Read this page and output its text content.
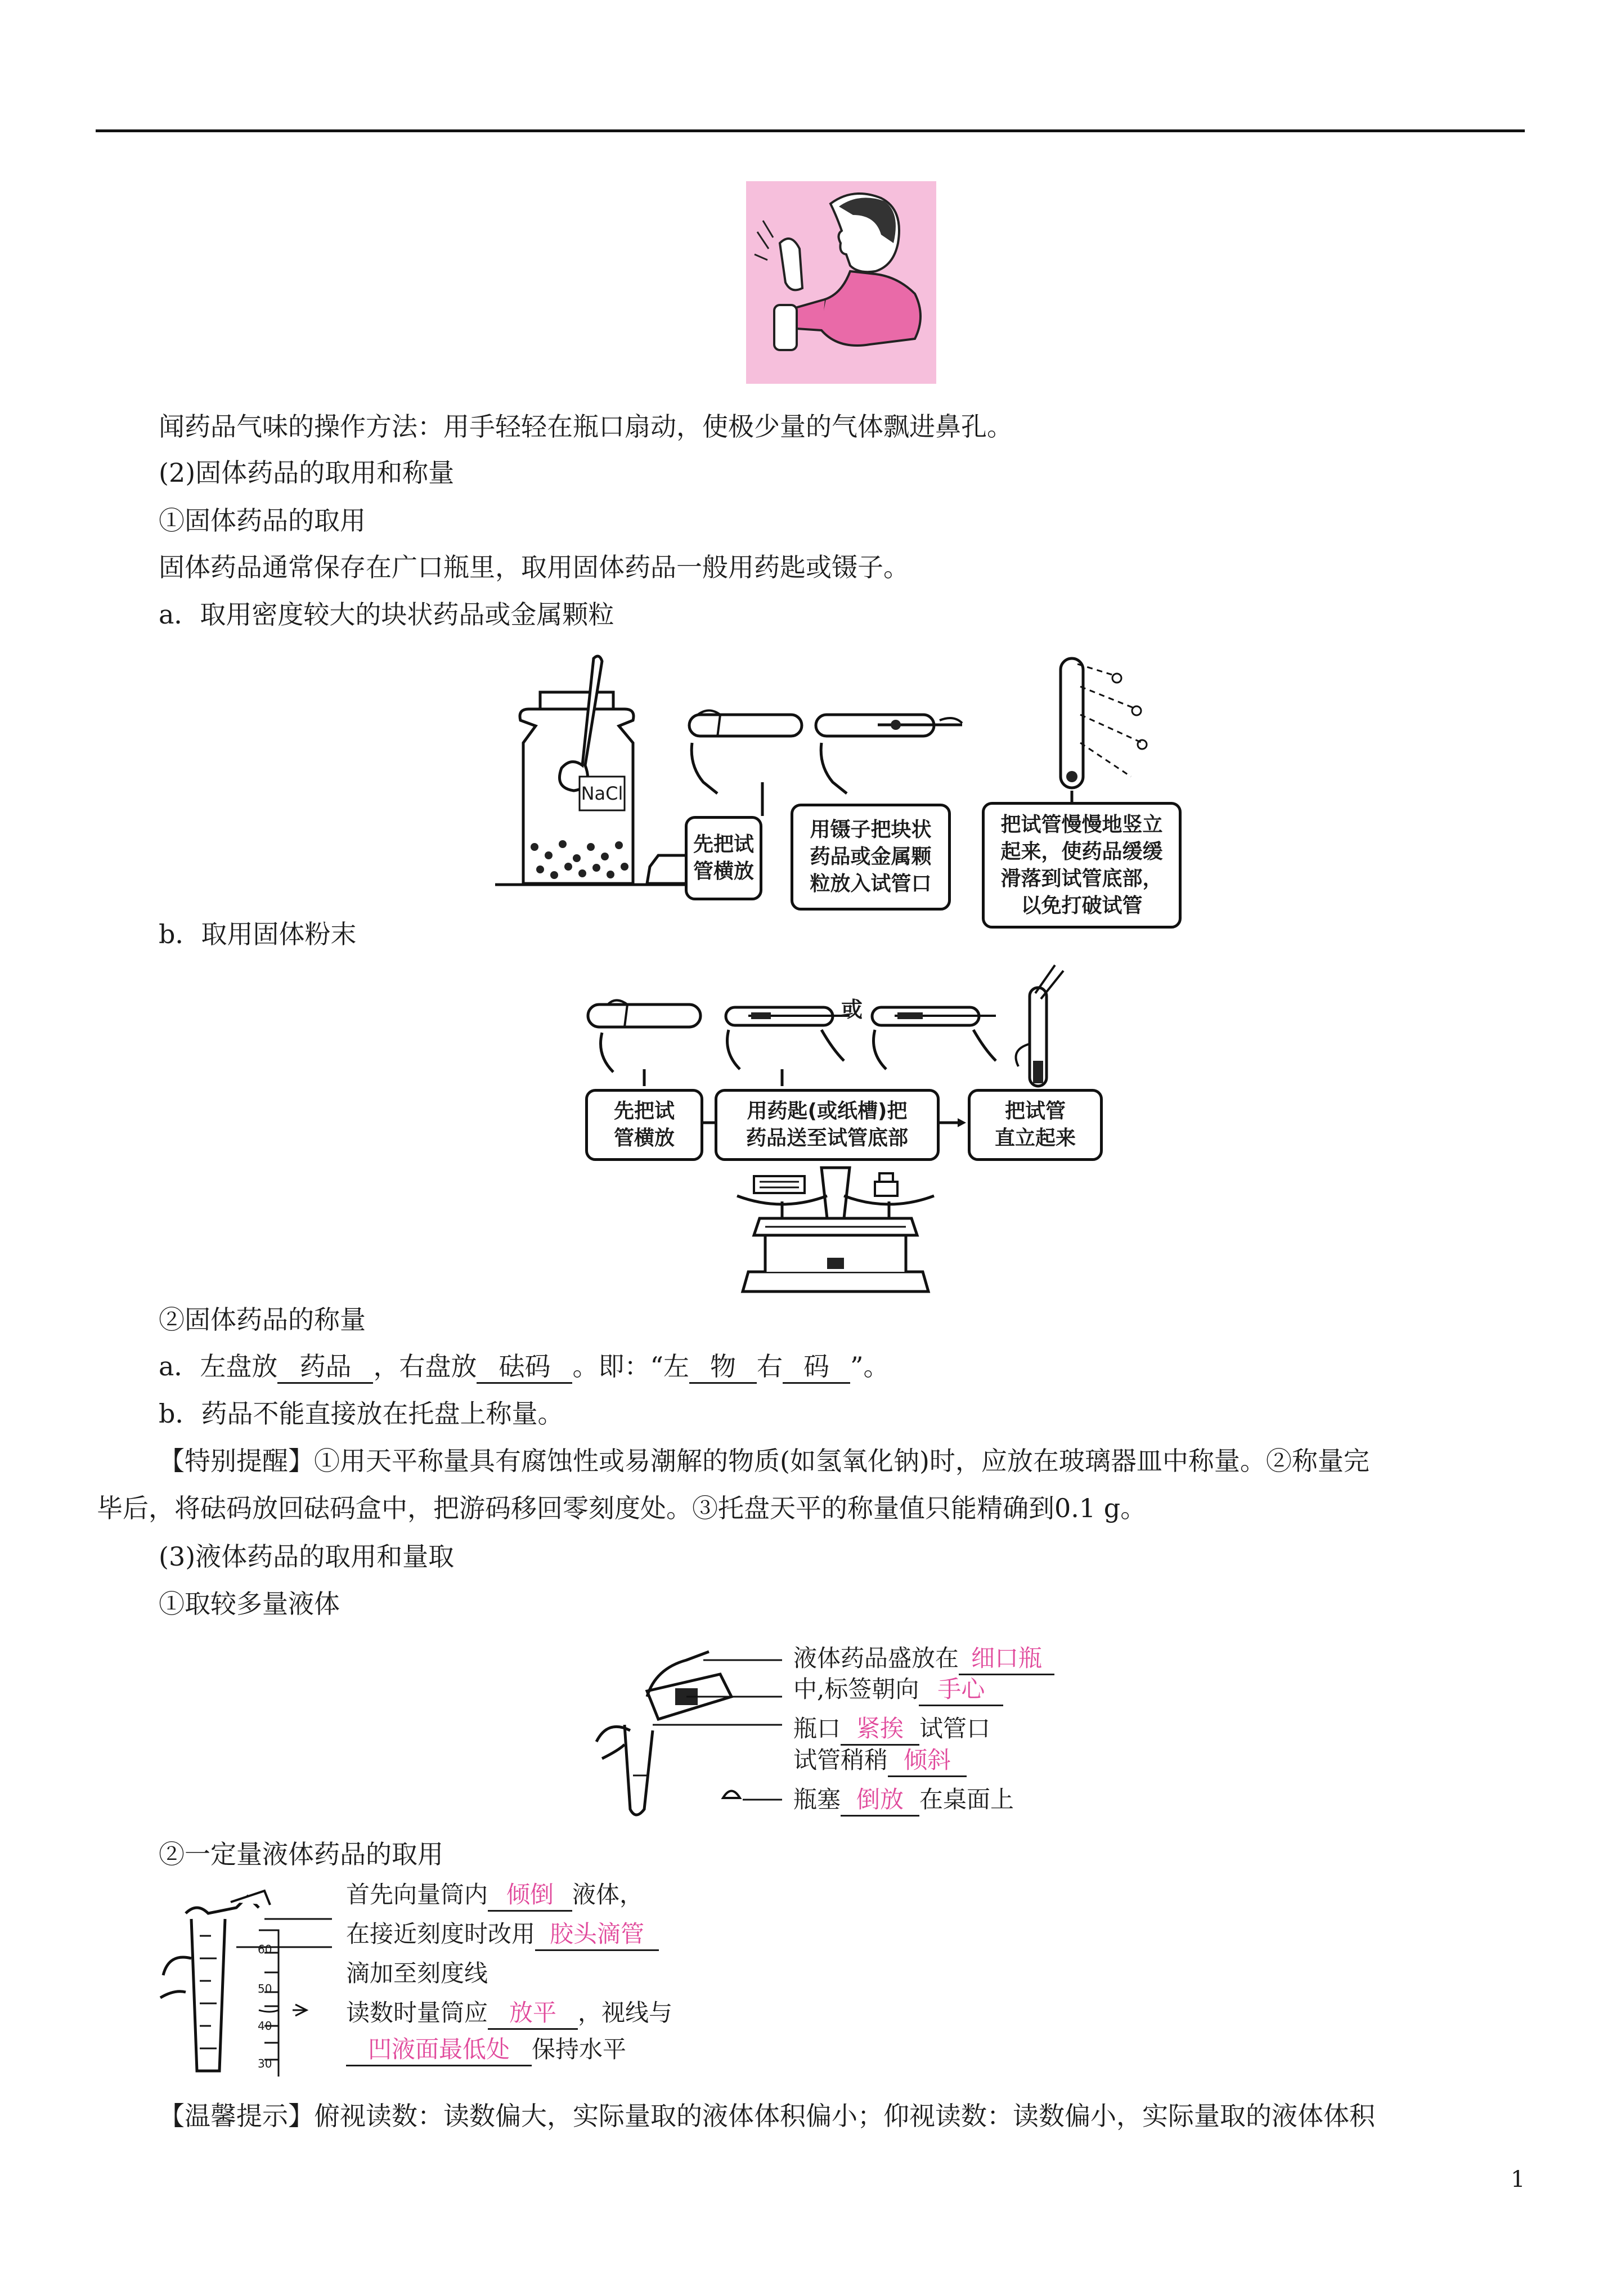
闻药品气味的操作方法：用手轻轻在瓶口扇动，使极少量的气体飘进鼻孔。
(2)固体药品的取用和称量
①固体药品的取用
固体药品通常保存在广口瓶里，取用固体药品一般用药匙或镊子。
a．取用密度较大的块状药品或金属颗粒
NaCl
先把试
管横放
用镊子把块状
药品或金属颗
粒放入试管口
把试管慢慢地竖立
起来，使药品缓缓
滑落到试管底部，
以免打破试管
b．取用固体粉末
或
先把试
管横放
用药匙(或纸槽)把
药品送至试管底部
把试管
直立起来
②固体药品的称量
a．左盘放 药品 ，右盘放 砝码 。即：“左 物 右 码 ”。
b．药品不能直接放在托盘上称量。
【特别提醒】①用天平称量具有腐蚀性或易潮解的物质(如氢氧化钠)时，应放在玻璃器皿中称量。②称量完
毕后，将砝码放回砝码盒中，把游码移回零刻度处。③托盘天平的称量值只能精确到0.1 g。
(3)液体药品的取用和量取
①取较多量液体
液体药品盛放在 细口瓶
中,标签朝向 手心
瓶口 紧挨 试管口
试管稍稍 倾斜
瓶塞 倒放 在桌面上
②一定量液体药品的取用
60
50
40
30
首先向量筒内 倾倒 液体，
在接近刻度时改用 胶头滴管
滴加至刻度线
读数时量筒应 放平 ，视线与
凹液面最低处 保持水平
【温馨提示】俯视读数：读数偏大，实际量取的液体体积偏小；仰视读数：读数偏小，实际量取的液体体积
1
